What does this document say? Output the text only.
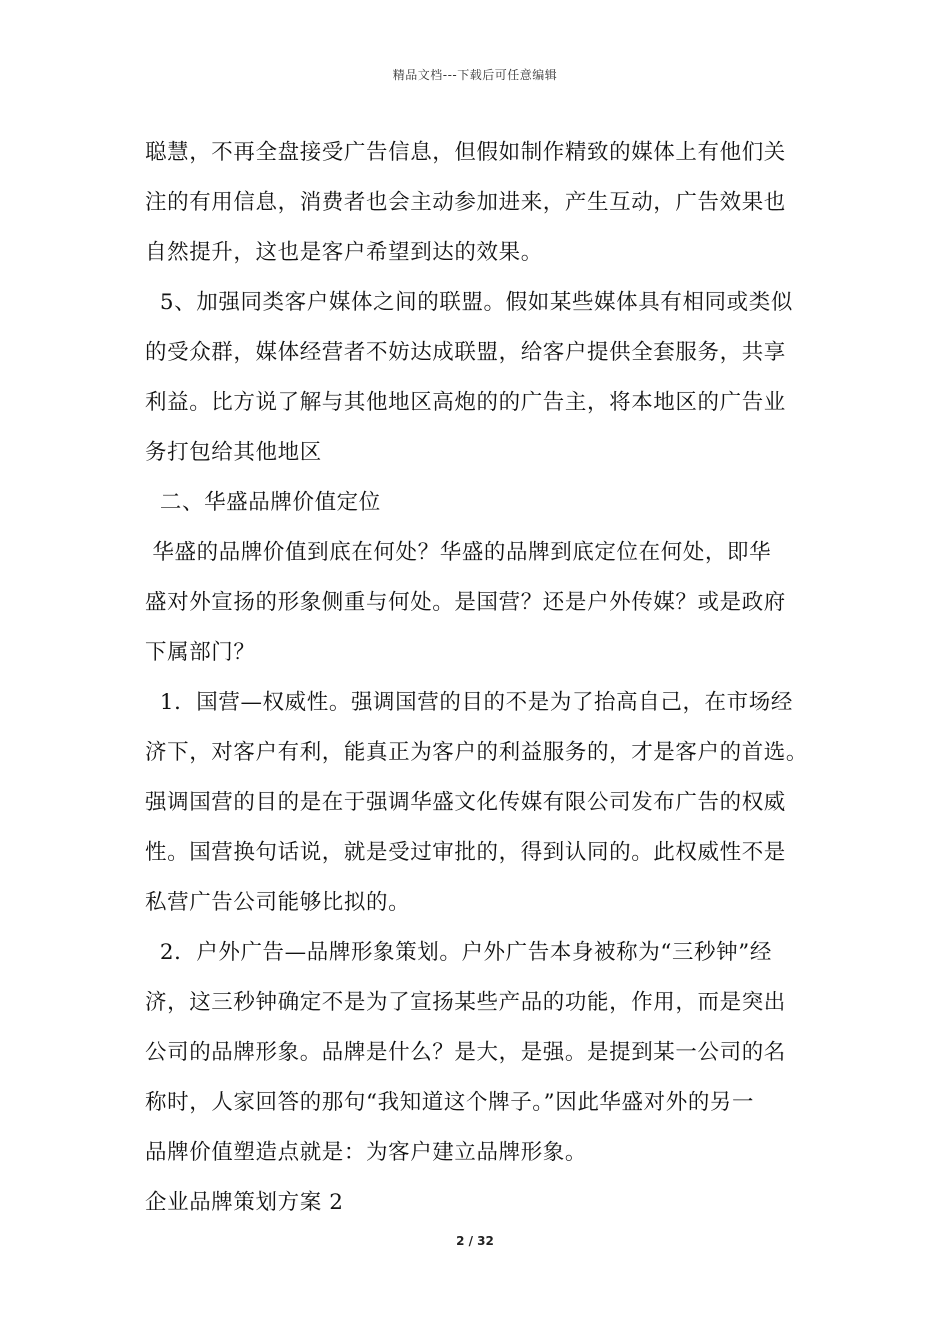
精品文档---下载后可任意编辑
聪慧，不再全盘接受广告信息，但假如制作精致的媒体上有他们关
注的有用信息，消费者也会主动参加进来，产生互动，广告效果也
自然提升，这也是客户希望到达的效果。
5、加强同类客户媒体之间的联盟。假如某些媒体具有相同或类似
的受众群，媒体经营者不妨达成联盟，给客户提供全套服务，共享
利益。比方说了解与其他地区高炮的的广告主，将本地区的广告业
务打包给其他地区
二、华盛品牌价值定位
华盛的品牌价值到底在何处？华盛的品牌到底定位在何处，即华
盛对外宣扬的形象侧重与何处。是国营？还是户外传媒？或是政府
下属部门？
1．国营—权威性。强调国营的目的不是为了抬高自己，在市场经
济下，对客户有利，能真正为客户的利益服务的，才是客户的首选。
强调国营的目的是在于强调华盛文化传媒有限公司发布广告的权威
性。国营换句话说，就是受过审批的，得到认同的。此权威性不是
私营广告公司能够比拟的。
2．户外广告—品牌形象策划。户外广告本身被称为“三秒钟”经
济，这三秒钟确定不是为了宣扬某些产品的功能，作用，而是突出
公司的品牌形象。品牌是什么？是大，是强。是提到某一公司的名
称时，人家回答的那句“我知道这个牌子。”因此华盛对外的另一
品牌价值塑造点就是：为客户建立品牌形象。
企业品牌策划方案 2
2 / 32
